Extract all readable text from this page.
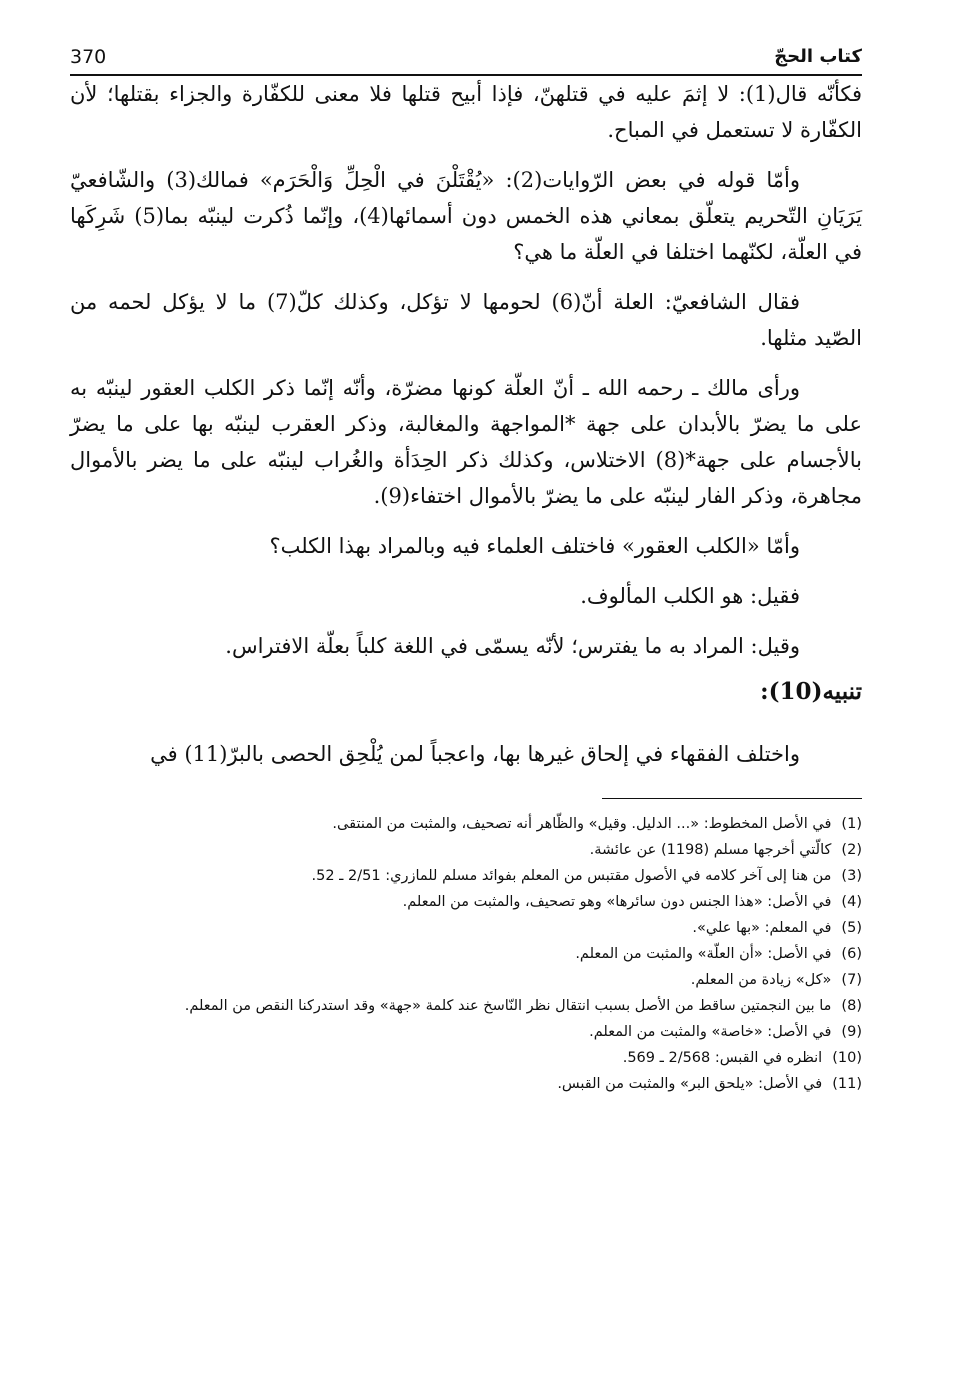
370	كتاب الحجّ

فكأنّه قال(1): لا إثمَ عليه في قتلهنّ، فإذا أبيح قتلها فلا معنى للكفّارة والجزاء بقتلها؛ لأن الكفّارة لا تستعمل في المباح.

وأمّا قوله في بعض الرّوايات(2): «يُقْتَلْنَ في الْحِلِّ وَالْحَرَم» فمالك(3) والشّافعيّ يَرَيَانِ التّحريم يتعلّق بمعاني هذه الخمس دون أسمائها(4)، وإنّما ذُكرت لينبّه بما(5) شَرِكَها في العلّة، لكنّهما اختلفا في العلّة ما هي؟

فقال الشافعيّ: العلة أنّ(6) لحومها لا تؤكل، وكذلك كلّ(7) ما لا يؤكل لحمه من الصّيد مثلها.

ورأى مالك ـ رحمه الله ـ أنّ العلّة كونها مضرّة، وأنّه إنّما ذكر الكلب العقور لينبّه به على ما يضرّ بالأبدان على جهة *المواجهة والمغالبة، وذكر العقرب لينبّه بها على ما يضرّ بالأجسام على جهة*(8) الاختلاس، وكذلك ذكر الحِدَأة والغُراب لينبّه على ما يضر بالأموال مجاهرة، وذكر الفار لينبّه على ما يضرّ بالأموال اختفاء(9).

وأمّا «الكلب العقور» فاختلف العلماء فيه وبالمراد بهذا الكلب؟

فقيل: هو الكلب المألوف.

وقيل: المراد به ما يفترس؛ لأنّه يسمّى في اللغة كلباً بعلّة الافتراس.

تنبيه(10):

واختلف الفقهاء في إلحاق غيرها بها، واعجباً لمن يُلْحِق الحصى بالبرّ(11) في

(1)في الأصل المخطوط: «... الدليل. وقيل» والظّاهر أنه تصحيف، والمثبت من المنتقى.

(2)كالّتي أخرجها مسلم (1198) عن عائشة.

(3)من هنا إلى آخر كلامه في الأصول مقتبس من المعلم بفوائد مسلم للمازري: 2/51 ـ 52.

(4)في الأصل: «هذا الجنس دون سائرها» وهو تصحيف، والمثبت من المعلم.

(5)في المعلم: «بها علي».

(6)في الأصل: «أن العلّة» والمثبت من المعلم.

(7)«كل» زيادة من المعلم.

(8)ما بين النجمتين ساقط من الأصل بسبب انتقال نظر النّاسخ عند كلمة «جهة» وقد استدركنا النقص من المعلم.

(9)في الأصل: «خاصة» والمثبت من المعلم.

(10)انظره في القبس: 2/568 ـ 569.

(11)في الأصل: «يلحق البر» والمثبت من القبس.
